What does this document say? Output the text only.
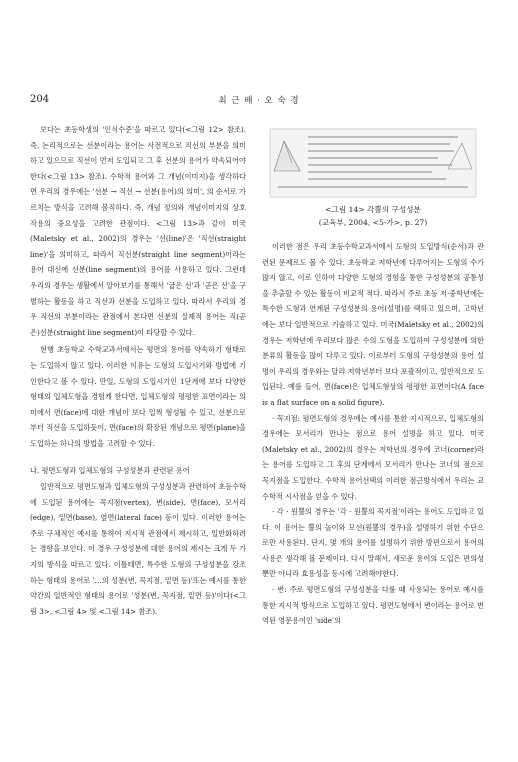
204	최 근 배 · 오 숙 경

보다는 초등학생의 '인식수준'을 따르고 있다(<그림 12> 참조). 즉, 논리적으로는 선분이라는 용어는 사전적으로 직선의 부분을 의미하고 있으므로 직선이 먼저 도입되고 그 후 선분의 용어가 약속되어야 한다(<그림 13> 참조). 수학적 용어와 그 개념(이미지)을 생각하다면 우리의 경우에는 '선분 → 직선 → 선분(용어)의 의미', 의 순서로 가르치는 방식을 고려해 봄직하다. 즉, 개념 정의와 개념이미지의 상호작용의 중요성을 고려한 관점이다. <그림 13>과 같이 미국(Maletsky et al., 2002)의 경우는 '선(line)'은 '직선(straight line)'을 의미하고, 따라서 직선분(straight line segment)이라는 용어 대신에 선분(line segment)의 용어를 사용하고 있다. 그런데 우리의 경우는 생활에서 알아보기를 통해서 '굽은 선'과 '곧은 선'을 구별하는 활동을 하고 직선과 선분을 도입하고 있다. 따라서 우리의 경우 직선의 부분이라는 관점에서 본다면 선분의 실제적 용어는 직(곧은)선분(straight line segment)이 타당할 수 있다.

현행 초등학교 수학교과서에서는 평면의 용어를 약속하기 형태로는 도입하지 않고 있다. 이러한 이유는 도형의 도입시기와 방법에 기인한다고 볼 수 있다. 만일, 도형의 도입시기인 1단계에 보다 다양한 형태의 입체도형을 경험케 한다면, 입체도형의 평평한 표면이라는 의미에서 면(face)에 대한 개념이 보다 일찍 형성될 수 있고, 선분으로부터 직선을 도입하듯이, 면(face)의 확장된 개념으로 평면(plane)을 도입하는 하나의 방법을 고려할 수 있다.

나. 평면도형과 입체도형의 구성성분과 관련된 용어

일반적으로 평면도형과 입체도형의 구성성분과 관련하여 초등수학에 도입된 용어에는 꼭지점(vertex), 변(side), 면(face), 모서리(edge), 밑면(base), 옆면(lateral face) 등이 있다. 이러한 용어는 주로 구체적인 예시를 통하여 지시적 관점에서 제시하고, 일반화하려는 경향을 보인다. 이 경우 구성성분에 대한 용어의 제시는 크게 두 가지의 방식을 따르고 있다. 이틀테면, 특수한 도형의 구성성분을 강조하는 형태의 용어로 '…의 성분(변, 꼭지점, 밑면 등)'또는 예시를 통한 약간의 일반적인 형태의 용어로 '성분(변, 꼭지점, 밑면 등)'이다(<그림 3>, <그림 4> 및 <그림 14> 참조).

<그림 14> 각뿔의 구성성분
(교육부, 2004, <5-가>, p. 27)

이러한 점은 우리 초등수학교과서에서 도형의 도입방식(순서)과 관련된 문제로도 볼 수 있다. 초등학교 저학년에 다루어지는 도형의 수가 많지 않고, 이로 인하여 다양한 도형의 경험을 통한 구성성분의 공통성을 추출할 수 있는 활동이 비교적 적다. 따라서 주로 초등 저·중학년에는 특수한 도형과 연계된 구성성분의 용어(설명)를 택하고 있으며, 고학년에는 보다 일반적으로 기술하고 있다. 미국(Maletsky et al., 2002)의 경우는 저학년에 우리보다 많은 수의 도형을 도입하여 구성성분에 의한 분류의 활동을 많이 다루고 있다. 이로부터 도형의 구성성분의 용어 설명이 우리의 경우와는 달리 저학년부터 보다 포괄적이고, 일반적으로 도입된다. 예를 들어, 면(face)은 입체도형상의 평평한 표면이다(A face is a flat surface on a solid figure).

· 꼭지점: 평면도형의 경우에는 예시를 통한 지시적으로, 입체도형의 경우에는 모서리가 만나는 점으로 용어 설명을 하고 있다. 미국(Maletsky et al., 2002)의 경우는 저학년의 경우에 코너(corner)라는 용어를 도입하고 그 후의 단계에서 모서리가 만나는 코너의 점으로 꼭지점을 도입한다. 수학적 용어선택의 이러한 점근방식에서 우리는 교수학적 시사점을 얻을 수 있다.

· 각 · 원뿔의 경우는 '각 · 원뿔의 꼭지점'이라는 용어도 도입하고 있다. 이 용어는 뿔의 높이와 모선(원뿔의 경우)을 설명하기 위한 수단으로만 사용된다. 단지, 몇 개의 용어를 설명하기 위한 방편으로서 용어의 사용은 생각해 볼 문제이다. 다시 말해서, 새로운 용어의 도입은 편의성뿐만 아니라 효용성을 동시에 고려해야한다.

· 변: 주로 평면도형의 구성성분을 다룰 때 사용되는 용어로 예시를 통한 지시적 방식으로 도입하고 있다. 평면도형에서 변이라는 용어로 번역된 영문용어인 'side'의
